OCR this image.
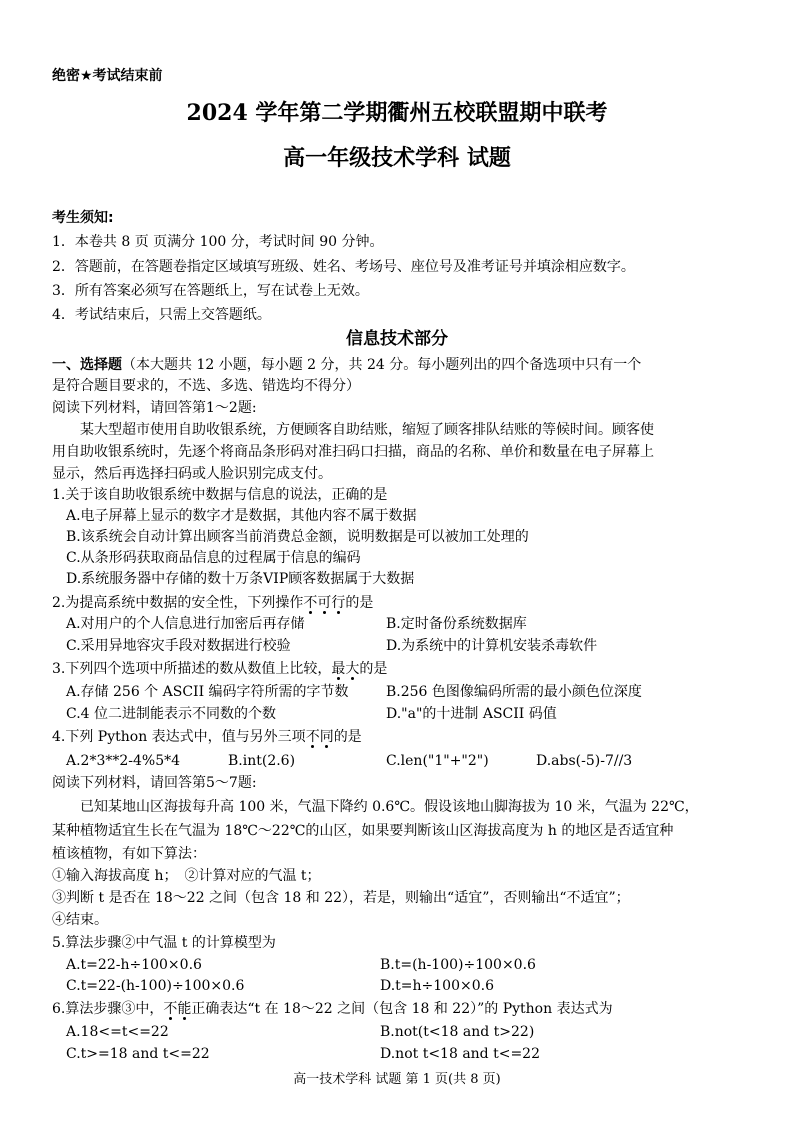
绝密★考试结束前
2024 学年第二学期衢州五校联盟期中联考
高一年级技术学科 试题
考生须知:
1．本卷共 8 页 页满分 100 分，考试时间 90 分钟。
2．答题前，在答题卷指定区域填写班级、姓名、考场号、座位号及准考证号并填涂相应数字。
3．所有答案必须写在答题纸上，写在试卷上无效。
4．考试结束后，只需上交答题纸。
信息技术部分
一、选择题（本大题共 12 小题，每小题 2 分，共 24 分。每小题列出的四个备选项中只有一个
是符合题目要求的，不选、多选、错选均不得分）
阅读下列材料，请回答第1～2题:
某大型超市使用自助收银系统，方便顾客自助结账，缩短了顾客排队结账的等候时间。顾客使
用自助收银系统时，先逐个将商品条形码对准扫码口扫描，商品的名称、单价和数量在电子屏幕上
显示，然后再选择扫码或人脸识别完成支付。
1.关于该自助收银系统中数据与信息的说法，正确的是
A.电子屏幕上显示的数字才是数据，其他内容不属于数据
B.该系统会自动计算出顾客当前消费总金额，说明数据是可以被加工处理的
C.从条形码获取商品信息的过程属于信息的编码
D.系统服务器中存储的数十万条VIP顾客数据属于大数据
2.为提高系统中数据的安全性，下列操作不可行的是
A.对用户的个人信息进行加密后再存储	B.定时备份系统数据库
C.采用异地容灾手段对数据进行校验	D.为系统中的计算机安装杀毒软件
3.下列四个选项中所描述的数从数值上比较，最大的是
A.存储 256 个 ASCII 编码字符所需的字节数	B.256 色图像编码所需的最小颜色位深度
C.4 位二进制能表示不同数的个数	D."a"的十进制 ASCII 码值
4.下列 Python 表达式中，值与另外三项不同的是
A.2*3**2-4%5*4	B.int(2.6)	C.len("1"+"2")	D.abs(-5)-7//3
阅读下列材料，请回答第5～7题:
已知某地山区海拔每升高 100 米，气温下降约 0.6℃。假设该地山脚海拔为 10 米，气温为 22℃，
某种植物适宜生长在气温为 18℃～22℃的山区，如果要判断该山区海拔高度为 h 的地区是否适宜种
植该植物，有如下算法：
①输入海拔高度 h；　②计算对应的气温 t；
③判断 t 是否在 18～22 之间（包含 18 和 22），若是，则输出“适宜”，否则输出“不适宜”；
④结束。
5.算法步骤②中气温 t 的计算模型为
A.t=22-h÷100×0.6	B.t=(h-100)÷100×0.6
C.t=22-(h-100)÷100×0.6	D.t=h÷100×0.6
6.算法步骤③中，不能正确表达“t 在 18～22 之间（包含 18 和 22）”的 Python 表达式为
A.18<=t<=22	B.not(t<18 and t>22)
C.t>=18 and t<=22	D.not t<18 and t<=22
高一技术学科 试题 第 1 页(共 8 页)
